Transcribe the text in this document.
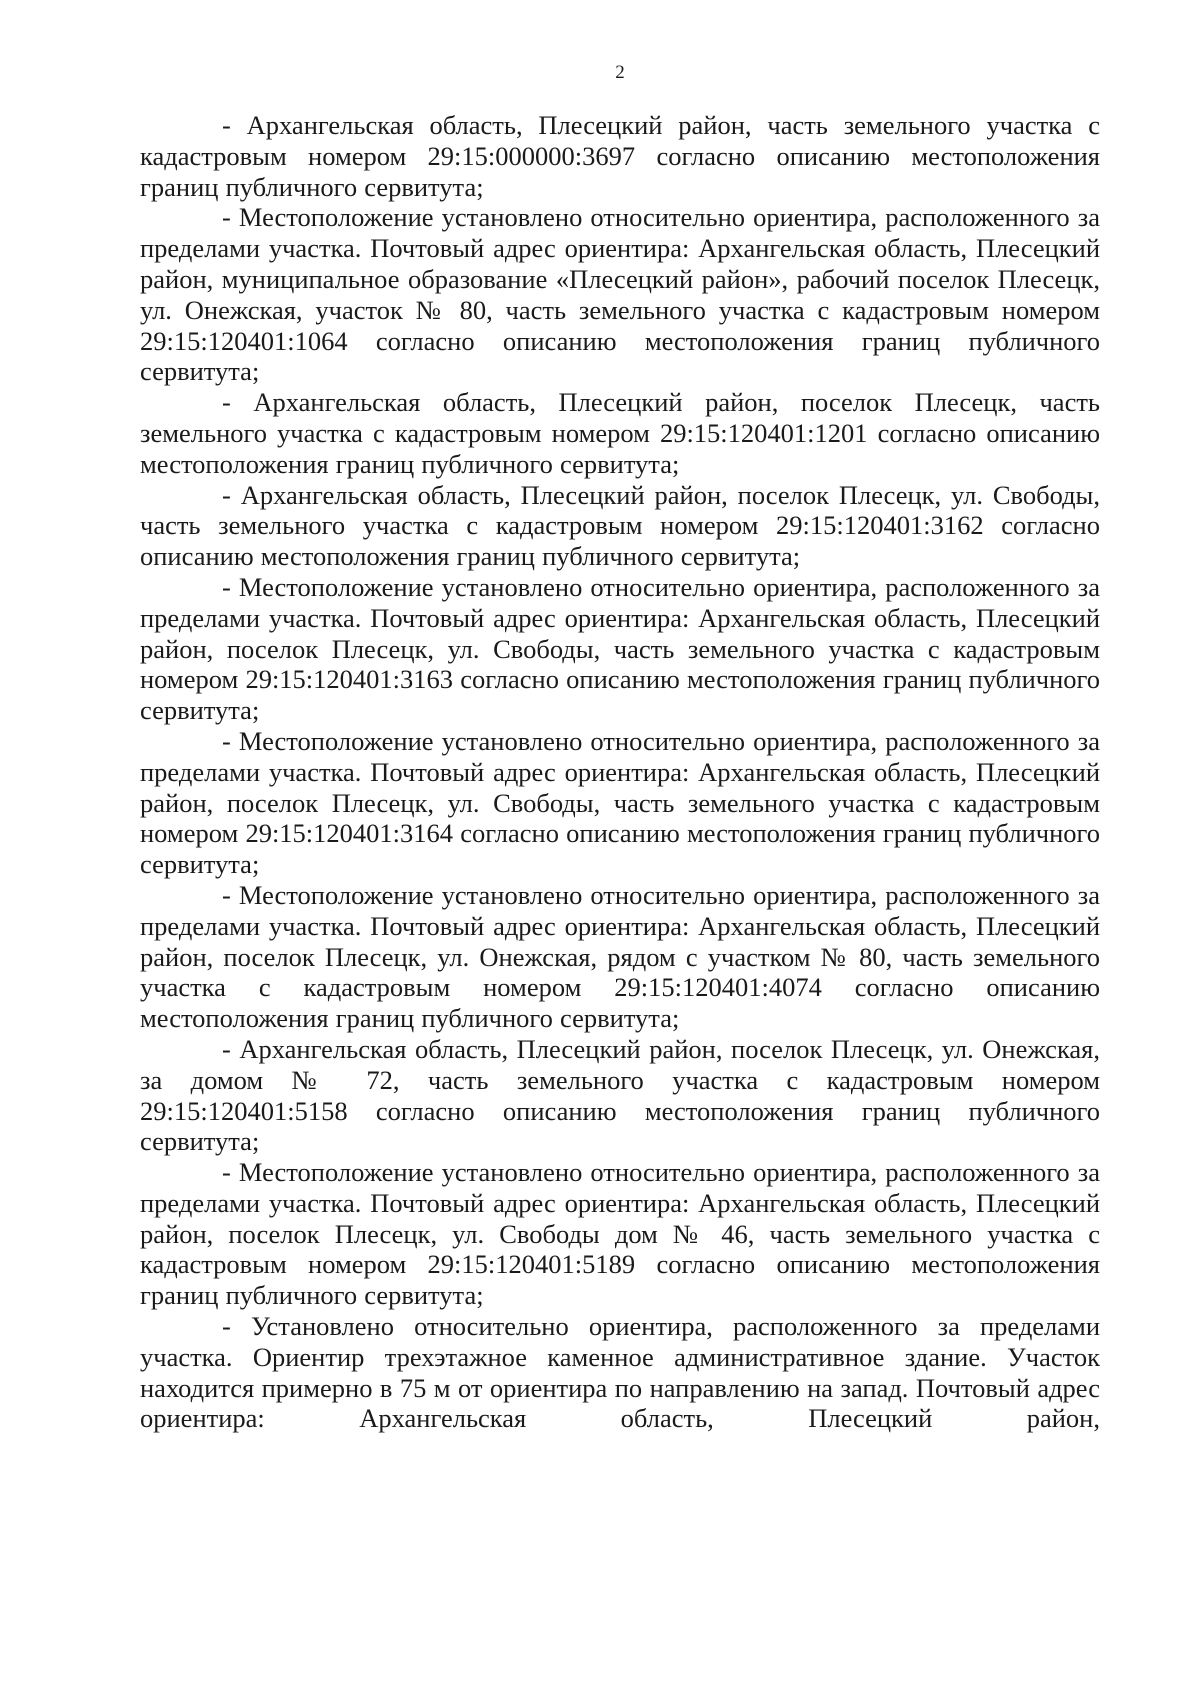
2

- Архангельская область, Плесецкий район, часть земельного участка с кадастровым номером 29:15:000000:3697 согласно описанию местоположения границ публичного сервитута;

- Местоположение установлено относительно ориентира, расположенного за пределами участка. Почтовый адрес ориентира: Архангельская область, Плесецкий район, муниципальное образование «Плесецкий район», рабочий поселок Плесецк, ул. Онежская, участок № 80, часть земельного участка с кадастровым номером 29:15:120401:1064 согласно описанию местоположения границ публичного сервитута;

- Архангельская область, Плесецкий район, поселок Плесецк, часть земельного участка с кадастровым номером 29:15:120401:1201 согласно описанию местоположения границ публичного сервитута;

- Архангельская область, Плесецкий район, поселок Плесецк, ул. Свободы, часть земельного участка с кадастровым номером 29:15:120401:3162 согласно описанию местоположения границ публичного сервитута;

- Местоположение установлено относительно ориентира, расположенного за пределами участка. Почтовый адрес ориентира: Архангельская область, Плесецкий район, поселок Плесецк, ул. Свободы, часть земельного участка с кадастровым номером 29:15:120401:3163 согласно описанию местоположения границ публичного сервитута;

- Местоположение установлено относительно ориентира, расположенного за пределами участка. Почтовый адрес ориентира: Архангельская область, Плесецкий район, поселок Плесецк, ул. Свободы, часть земельного участка с кадастровым номером 29:15:120401:3164 согласно описанию местоположения границ публичного сервитута;

- Местоположение установлено относительно ориентира, расположенного за пределами участка. Почтовый адрес ориентира: Архангельская область, Плесецкий район, поселок Плесецк, ул. Онежская, рядом с участком № 80, часть земельного участка с кадастровым номером 29:15:120401:4074 согласно описанию местоположения границ публичного сервитута;

- Архангельская область, Плесецкий район, поселок Плесецк, ул. Онежская, за домом № 72, часть земельного участка с кадастровым номером 29:15:120401:5158 согласно описанию местоположения границ публичного сервитута;

- Местоположение установлено относительно ориентира, расположенного за пределами участка. Почтовый адрес ориентира: Архангельская область, Плесецкий район, поселок Плесецк, ул. Свободы дом № 46, часть земельного участка с кадастровым номером 29:15:120401:5189 согласно описанию местоположения границ публичного сервитута;

- Установлено относительно ориентира, расположенного за пределами участка. Ориентир трехэтажное каменное административное здание. Участок находится примерно в 75 м от ориентира по направлению на запад. Почтовый адрес ориентира: Архангельская область, Плесецкий район,
